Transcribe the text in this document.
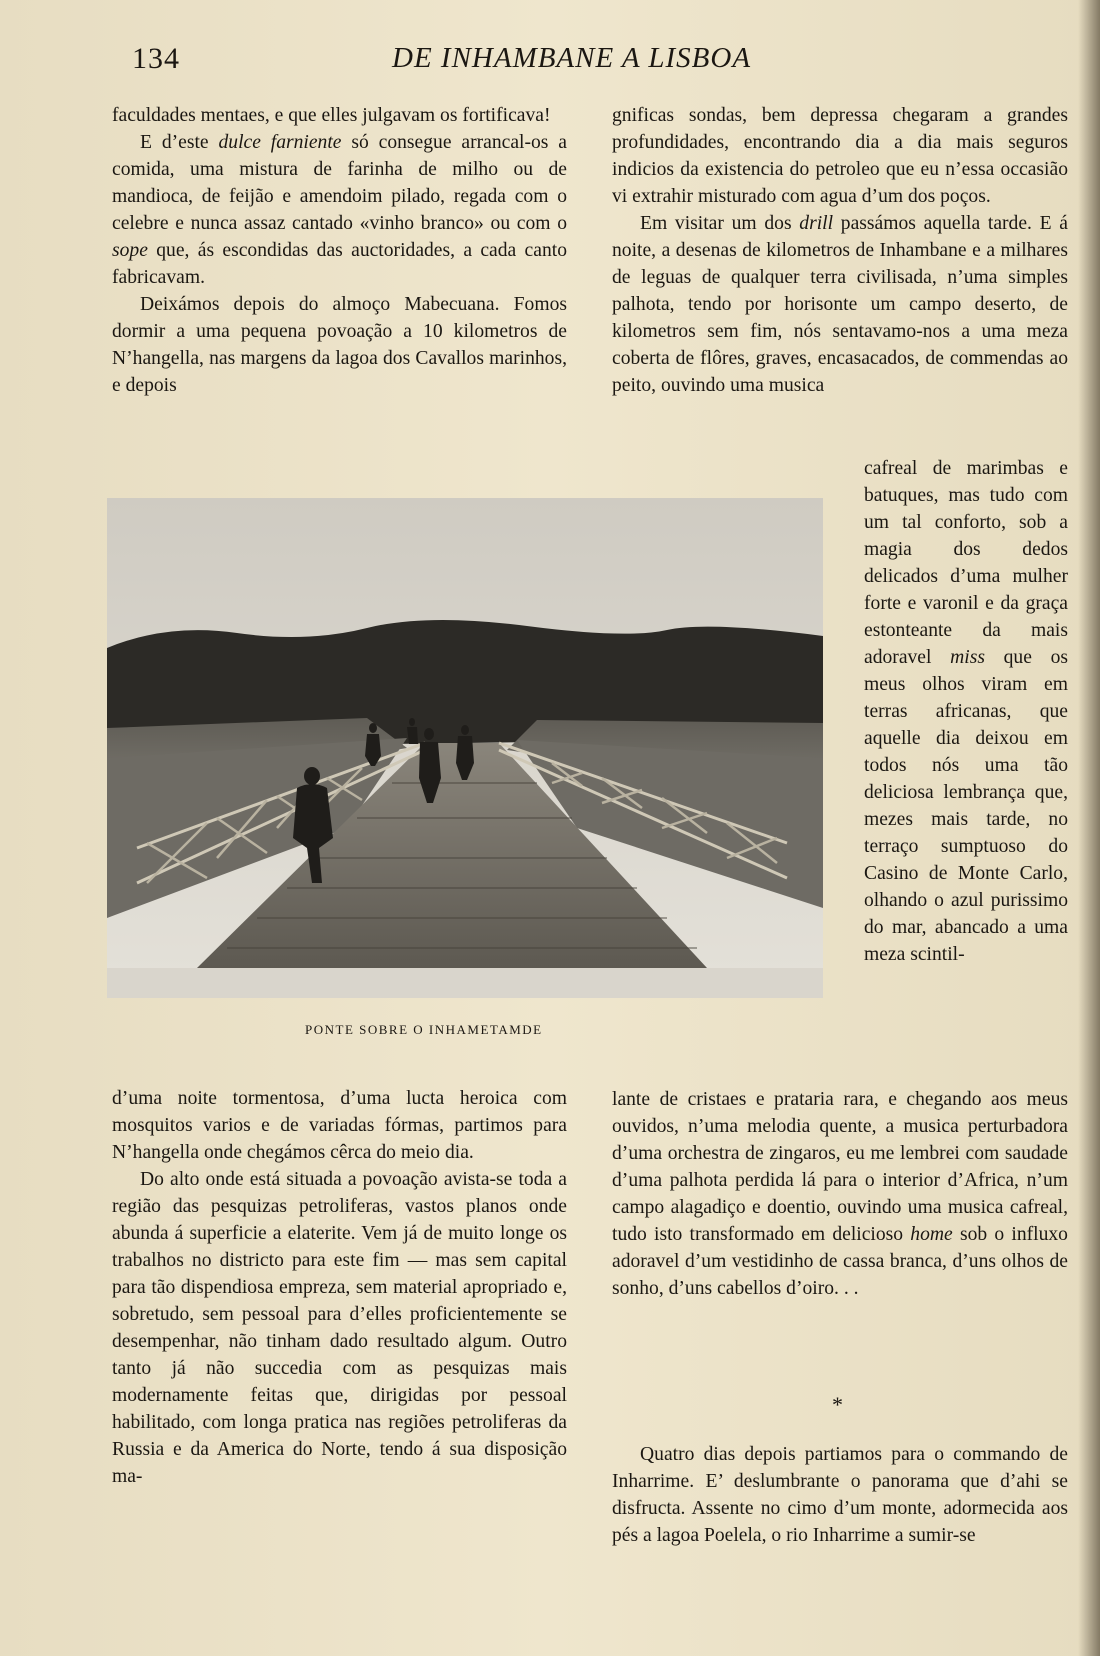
134	DE INHAMBANE A LISBOA

faculdades mentaes, e que elles julgavam os fortificava!

E d’este dulce farniente só consegue arrancal-os a comida, uma mistura de farinha de milho ou de mandioca, de feijão e amendoim pilado, regada com o celebre e nunca assaz cantado «vinho branco» ou com o sope que, ás escondidas das auctoridades, a cada canto fabricavam.

Deixámos depois do almoço Mabecuana. Fomos dormir a uma pequena povoação a 10 kilometros de N’hangella, nas margens da lagoa dos Cavallos marinhos, e depois

PONTE SOBRE O INHAMETAMDE

d’uma noite tormentosa, d’uma lucta heroica com mosquitos varios e de variadas fórmas, partimos para N’hangella onde chegámos cêrca do meio dia.

Do alto onde está situada a povoação avista-se toda a região das pesquizas petroliferas, vastos planos onde abunda á superficie a elaterite. Vem já de muito longe os trabalhos no districto para este fim — mas sem capital para tão dispendiosa empreza, sem material apropriado e, sobretudo, sem pessoal para d’elles proficientemente se desempenhar, não tinham dado resultado algum. Outro tanto já não succedia com as pesquizas mais modernamente feitas que, dirigidas por pessoal habilitado, com longa pratica nas regiões petroliferas da Russia e da America do Norte, tendo á sua disposição ma-

gnificas sondas, bem depressa chegaram a grandes profundidades, encontrando dia a dia mais seguros indicios da existencia do petroleo que eu n’essa occasião vi extrahir misturado com agua d’um dos poços.

Em visitar um dos drill passámos aquella tarde. E á noite, a desenas de kilometros de Inhambane e a milhares de leguas de qualquer terra civilisada, n’uma simples palhota, tendo por horisonte um campo deserto, de kilometros sem fim, nós sentavamo-nos a uma meza coberta de flôres, graves, encasacados, de commendas ao peito, ouvindo uma musica

cafreal de marimbas e batuques, mas tudo com um tal conforto, sob a magia dos dedos delicados d’uma mulher forte e varonil e da graça estonteante da mais adoravel miss que os meus olhos viram em terras africanas, que aquelle dia deixou em todos nós uma tão deliciosa lembrança que, mezes mais tarde, no terraço sumptuoso do Casino de Monte Carlo, olhando o azul purissimo do mar, abancado a uma meza scintil-

lante de cristaes e prataria rara, e chegando aos meus ouvidos, n’uma melodia quente, a musica perturbadora d’uma orchestra de zingaros, eu me lembrei com saudade d’uma palhota perdida lá para o interior d’Africa, n’um campo alagadiço e doentio, ouvindo uma musica cafreal, tudo isto transformado em delicioso home sob o influxo adoravel d’um vestidinho de cassa branca, d’uns olhos de sonho, d’uns cabellos d’oiro. . .

*

Quatro dias depois partiamos para o commando de Inharrime. E’ deslumbrante o panorama que d’ahi se disfructa. Assente no cimo d’um monte, adormecida aos pés a lagoa Poelela, o rio Inharrime a sumir-se
